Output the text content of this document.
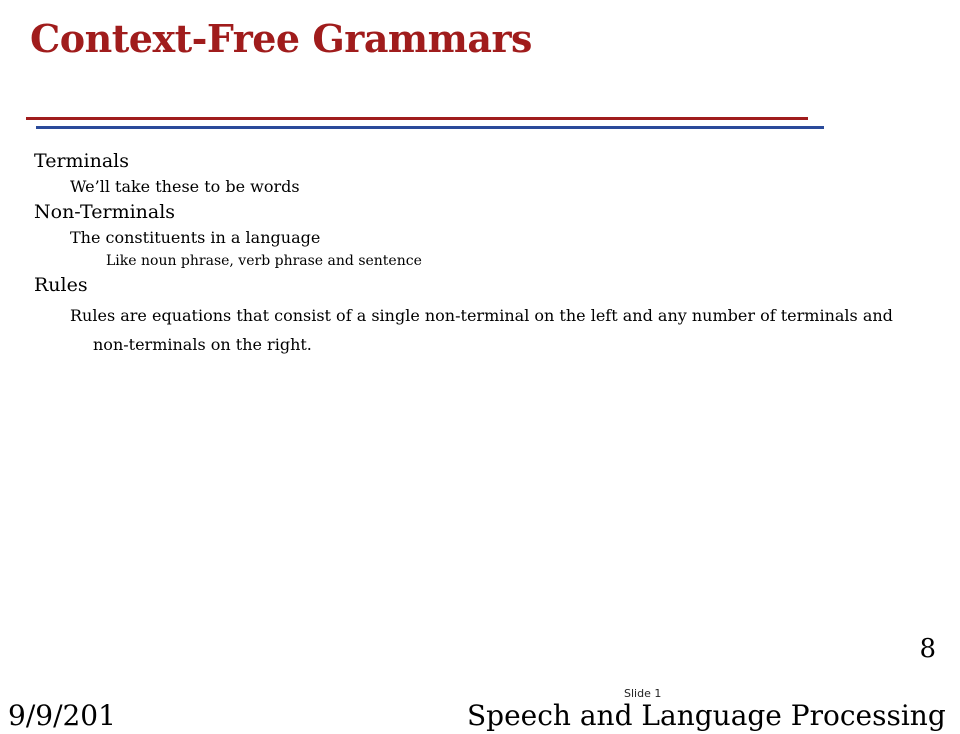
Context-Free Grammars

Terminals

We’ll take these to be words

Non-Terminals

The constituents in a language

Like noun phrase, verb phrase and sentence

Rules

Rules are equations that consist of a single non-terminal on the left and any number of terminals and non-terminals on the right.

8
Slide 1
9/9/201	Speech and Language Processing
